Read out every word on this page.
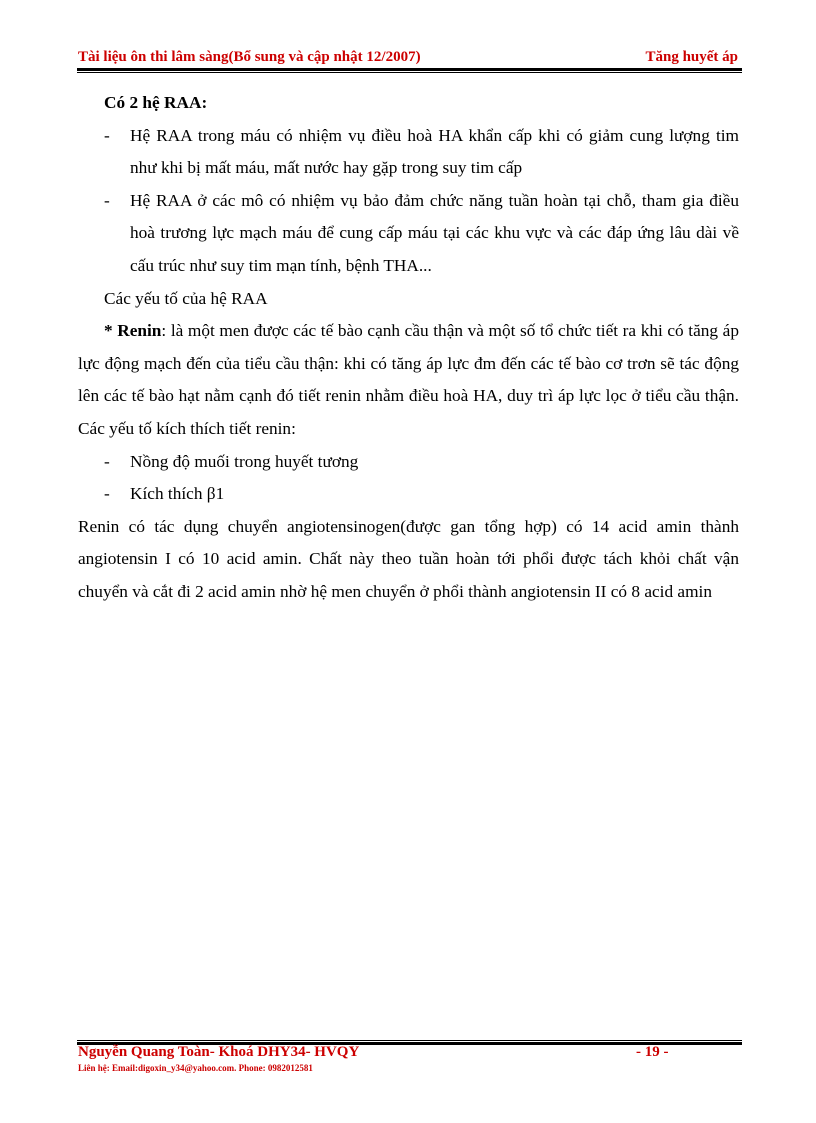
Tài liệu ôn thi lâm sàng(Bổ sung và cập nhật 12/2007)	Tăng huyết áp

Có 2 hệ RAA:

- Hệ RAA trong máu có nhiệm vụ điều hoà HA khẩn cấp khi có giảm cung lượng tim như khi bị mất máu, mất nước hay gặp trong suy tim cấp

- Hệ RAA ở các mô có nhiệm vụ bảo đảm chức năng tuần hoàn tại chỗ, tham gia điều hoà trương lực mạch máu để cung cấp máu tại các khu vực và các đáp ứng lâu dài về cấu trúc như suy tim mạn tính, bệnh THA...

Các yếu tố của hệ RAA

* Renin: là một men được các tế bào cạnh cầu thận và một số tổ chức tiết ra khi có tăng áp lực động mạch đến của tiểu cầu thận: khi có tăng áp lực đm đến các tế bào cơ trơn sẽ tác động lên các tế bào hạt nằm cạnh đó tiết renin nhằm điều hoà HA, duy trì áp lực lọc ở tiểu cầu thận. Các yếu tố kích thích tiết renin:

- Nồng độ muối trong huyết tương

- Kích thích β1

Renin có tác dụng chuyển angiotensinogen(được gan tổng hợp) có 14 acid amin thành angiotensin I có 10 acid amin. Chất này theo tuần hoàn tới phổi được tách khỏi chất vận chuyển và cắt đi 2 acid amin nhờ hệ men chuyển ở phổi thành angiotensin II có 8 acid amin

Nguyễn Quang Toàn- Khoá DHY34- HVQY	- 19 -
Liên hệ: Email:digoxin_y34@yahoo.com. Phone: 0982012581
